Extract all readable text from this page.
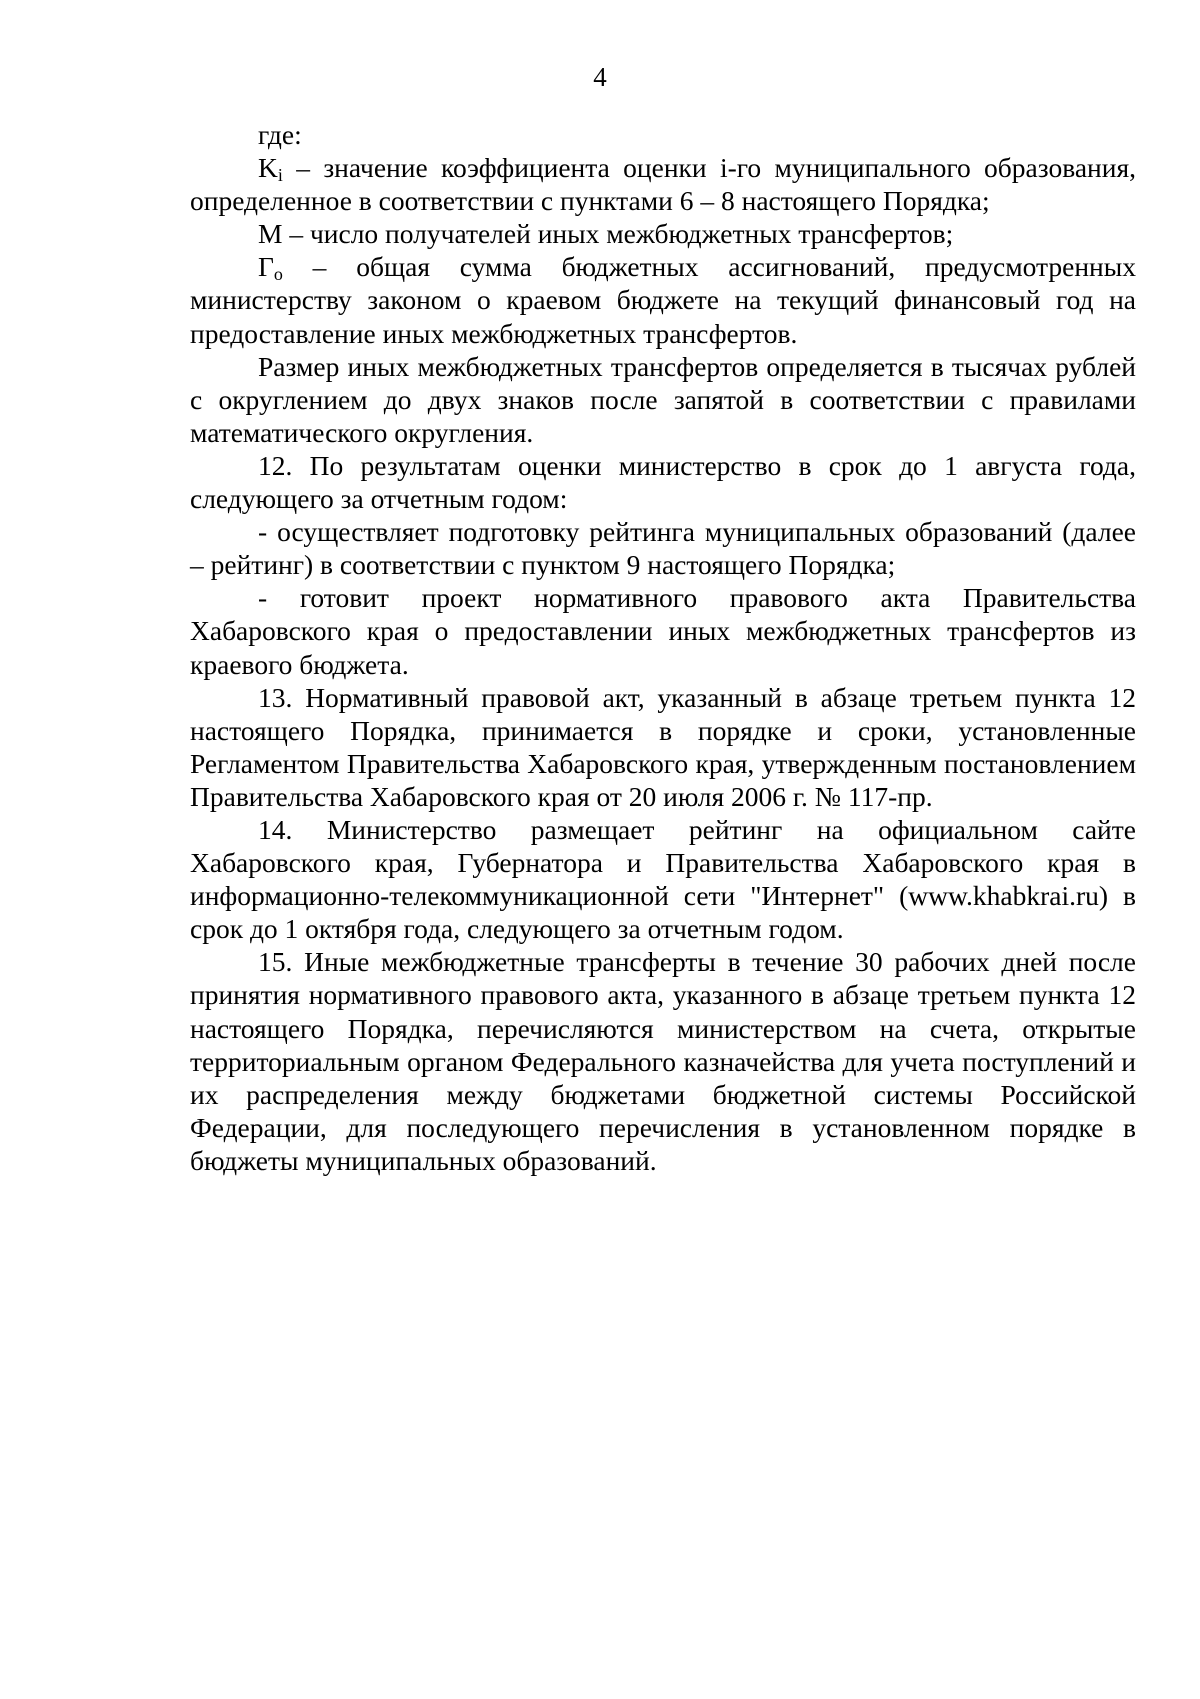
4

где:

$K_i$ – значение коэффициента оценки i-го муниципального образования, определенное в соответствии с пунктами 6 – 8 настоящего Порядка;

М – число получателей иных межбюджетных трансфертов;

$Г_о$ – общая сумма бюджетных ассигнований, предусмотренных министерству законом о краевом бюджете на текущий финансовый год на предоставление иных межбюджетных трансфертов.

Размер иных межбюджетных трансфертов определяется в тысячах рублей с округлением до двух знаков после запятой в соответствии с правилами математического округления.

12. По результатам оценки министерство в срок до 1 августа года, следующего за отчетным годом:

- осуществляет подготовку рейтинга муниципальных образований (далее – рейтинг) в соответствии с пунктом 9 настоящего Порядка;

- готовит проект нормативного правового акта Правительства Хабаровского края о предоставлении иных межбюджетных трансфертов из краевого бюджета.

13. Нормативный правовой акт, указанный в абзаце третьем пункта 12 настоящего Порядка, принимается в порядке и сроки, установленные Регламентом Правительства Хабаровского края, утвержденным постановлением Правительства Хабаровского края от 20 июля 2006 г. № 117-пр.

14. Министерство размещает рейтинг на официальном сайте Хабаровского края, Губернатора и Правительства Хабаровского края в информационно-телекоммуникационной сети "Интернет" (www.khabkrai.ru) в срок до 1 октября года, следующего за отчетным годом.

15. Иные межбюджетные трансферты в течение 30 рабочих дней после принятия нормативного правового акта, указанного в абзаце третьем пункта 12 настоящего Порядка, перечисляются министерством на счета, открытые территориальным органом Федерального казначейства для учета поступлений и их распределения между бюджетами бюджетной системы Российской Федерации, для последующего перечисления в установленном порядке в бюджеты муниципальных образований.
